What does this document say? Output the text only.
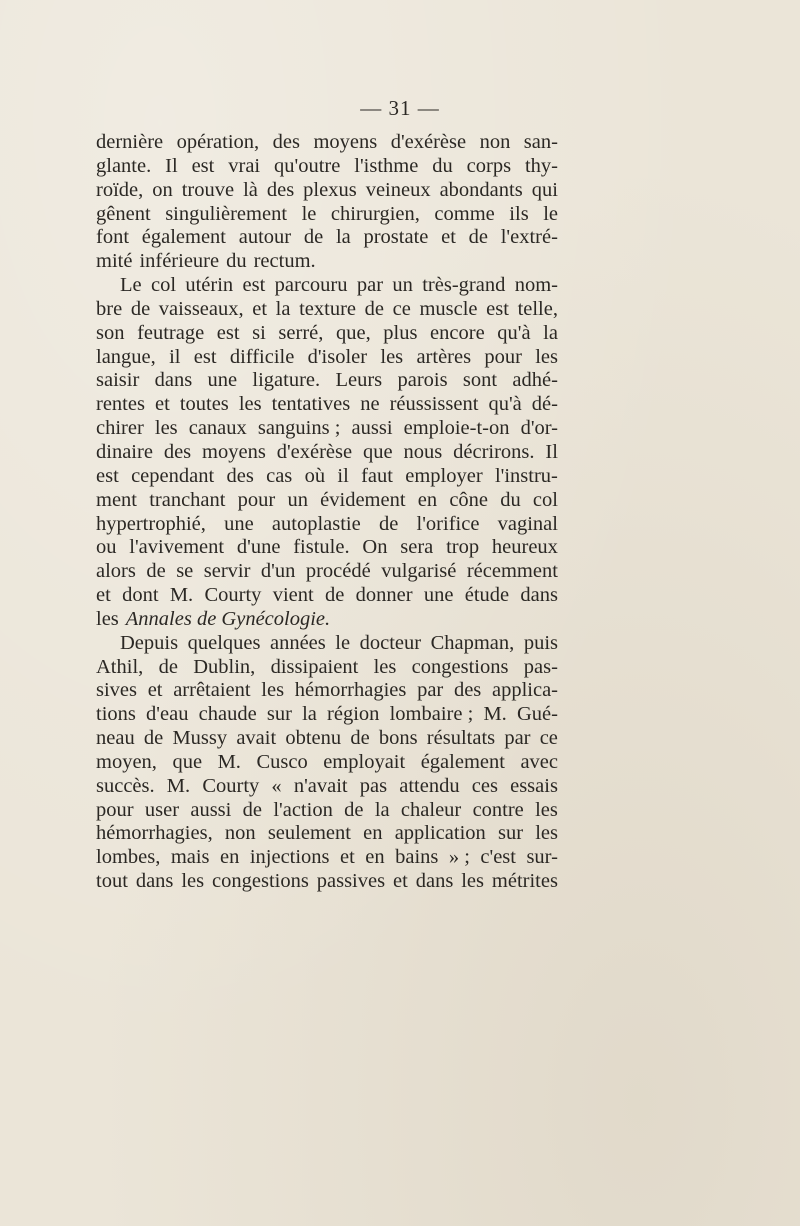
— 31 —
dernière opération, des moyens d'exérèse non san-
glante. Il est vrai qu'outre l'isthme du corps thy-
roïde, on trouve là des plexus veineux abondants qui
gênent singulièrement le chirurgien, comme ils le
font également autour de la prostate et de l'extré-
mité inférieure du rectum.
Le col utérin est parcouru par un très-grand nom-
bre de vaisseaux, et la texture de ce muscle est telle,
son feutrage est si serré, que, plus encore qu'à la
langue, il est difficile d'isoler les artères pour les
saisir dans une ligature. Leurs parois sont adhé-
rentes et toutes les tentatives ne réussissent qu'à dé-
chirer les canaux sanguins ; aussi emploie-t-on d'or-
dinaire des moyens d'exérèse que nous décrirons. Il
est cependant des cas où il faut employer l'instru-
ment tranchant pour un évidement en cône du col
hypertrophié, une autoplastie de l'orifice vaginal
ou l'avivement d'une fistule. On sera trop heureux
alors de se servir d'un procédé vulgarisé récemment
et dont M. Courty vient de donner une étude dans
les Annales de Gynécologie.
Depuis quelques années le docteur Chapman, puis
Athil, de Dublin, dissipaient les congestions pas-
sives et arrêtaient les hémorrhagies par des applica-
tions d'eau chaude sur la région lombaire ; M. Gué-
neau de Mussy avait obtenu de bons résultats par ce
moyen, que M. Cusco employait également avec
succès. M. Courty « n'avait pas attendu ces essais
pour user aussi de l'action de la chaleur contre les
hémorrhagies, non seulement en application sur les
lombes, mais en injections et en bains » ; c'est sur-
tout dans les congestions passives et dans les métrites
